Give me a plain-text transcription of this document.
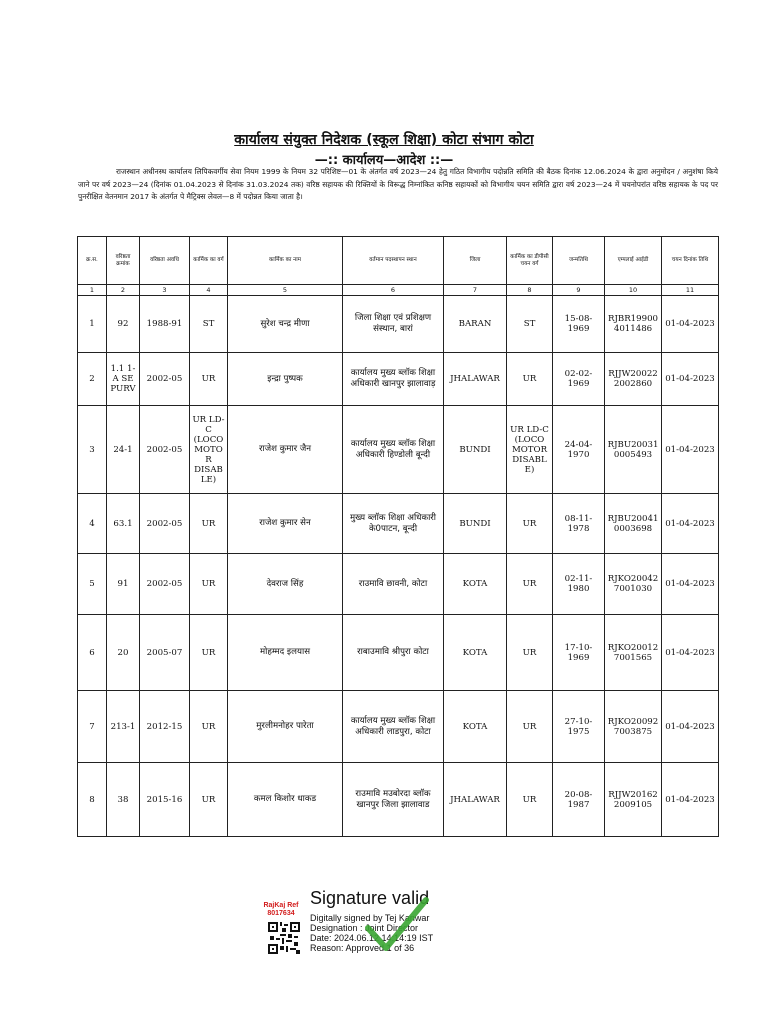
कार्यालय संयुक्त निदेशक (स्कूल शिक्षा) कोटा संभाग कोटा
—:: कार्यालय—आदेश ::—
राजस्थान अधीनस्थ कार्यालय लिपिकवर्गीय सेवा नियम 1999 के नियम 32 परिशिष्ट—01 के अंतर्गत वर्ष 2023—24 हेतु गठित विभागीय पदोन्नति समिति की बैठक दिनांक 12.06.2024 के द्वारा अनुमोदन / अनुशंषा किये जाने पर वर्ष 2023—24 (दिनांक 01.04.2023 से दिनांक 31.03.2024 तक) वरिष्ठ सहायक की रिक्तियों के विरूद्ध निम्नांकित कनिष्ठ सहायकों को विभागीय चयन समिति द्वारा वर्ष 2023—24 में चयनोपरांत वरिष्ठ सहायक के पद पर पुनरीक्षित वेतनमान 2017 के अंतर्गत पे मैट्रिक्स लेवल—8 में पदोन्नत किया जाता है।
क्र.स.	वरिष्ठता क्रमांक	वरिष्ठता अवधि	कार्मिक का वर्ग	कार्मिक का नाम	वर्तमान पदस्थापन स्थान	जिला	कार्मिक का डीपीसी चयन वर्ग	जन्मतिथि	एम्पलाई आईडी	चयन दिनांक तिथि
1	2	3	4	5	6	7	8	9	10	11
1	92	1988-91	ST	सुरेश चन्द्र मीणा	जिला शिक्षा एवं प्रशिक्षण संस्थान, बारां	BARAN	ST	15-08-1969	RJBR19900 4011486	01-04-2023
2	1.1 1-A SE PURV	2002-05	UR	इन्द्रा पुष्पक	कार्यालय मुख्य ब्लॉक शिक्षा अधिकारी खानपुर झालावाड़	JHALAWAR	UR	02-02-1969	RJJW20022 2002860	01-04-2023
3	24-1	2002-05	UR LD-C (LOCO MOTO R DISAB LE)	राजेश कुमार जैन	कार्यालय मुख्य ब्लॉक शिक्षा अधिकारी हिण्डोली बून्दी	BUNDI	UR LD-C (LOCO MOTOR DISABL E)	24-04-1970	RJBU20031 0005493	01-04-2023
4	63.1	2002-05	UR	राजेश कुमार सेन	मुख्य ब्लॉक शिक्षा अधिकारी के0पाटन, बून्दी	BUNDI	UR	08-11-1978	RJBU20041 0003698	01-04-2023
5	91	2002-05	UR	देवराज सिंह	राउमावि छावनी, कोटा	KOTA	UR	02-11-1980	RJKO20042 7001030	01-04-2023
6	20	2005-07	UR	मोहम्मद इलयास	राबाउमावि श्रीपुरा कोटा	KOTA	UR	17-10-1969	RJKO20012 7001565	01-04-2023
7	213-1	2012-15	UR	मुरलीमनोहर पारेता	कार्यालय मुख्य ब्लॉक शिक्षा अधिकारी लाडपुरा, कोटा	KOTA	UR	27-10-1975	RJKO20092 7003875	01-04-2023
8	38	2015-16	UR	कमल किशोर धाकड	राउमावि मउबोरदा ब्लॉक खानपुर जिला झालावाड	JHALAWAR	UR	20-08-1987	RJJW20162 2009105	01-04-2023
RajKaj Ref
8017634
Signature valid
Digitally signed by Tej Kanwar
Designation : Joint Director
Date: 2024.06.12 14:14:19 IST
Reason: Approved 1 of 36
